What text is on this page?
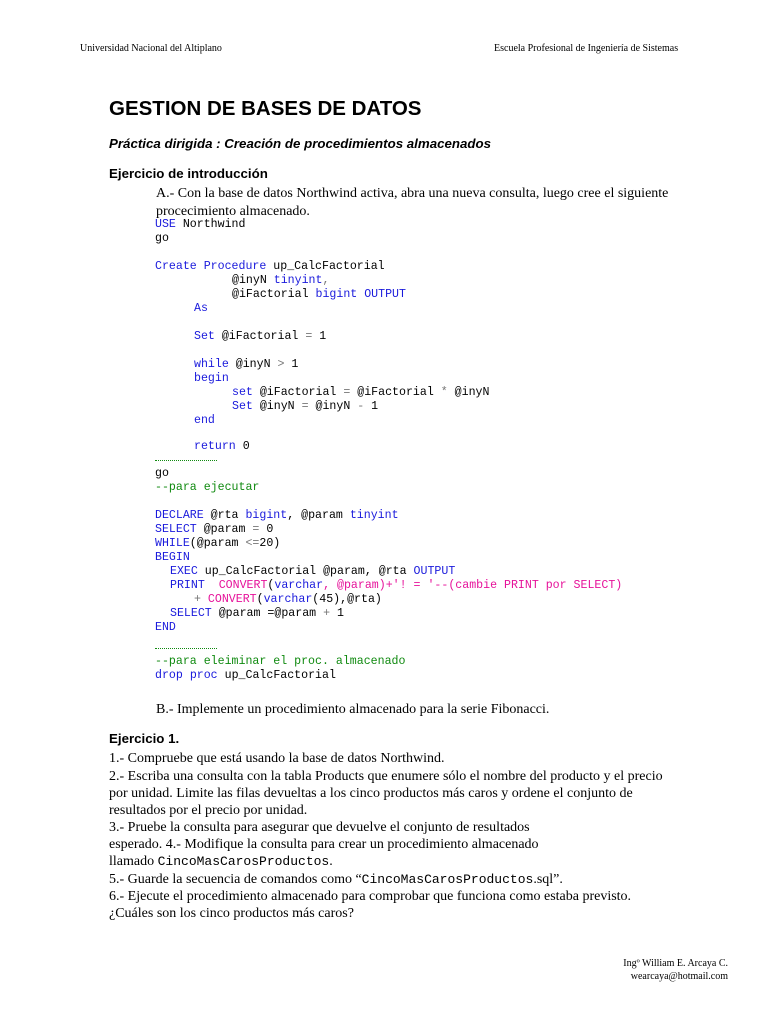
Universidad Nacional del Altiplano	Escuela Profesional de Ingeniería de Sistemas
GESTION DE BASES DE DATOS
Práctica dirigida : Creación de procedimientos almacenados
Ejercicio de introducción
A.- Con la base de datos Northwind activa, abra una nueva consulta, luego cree el siguiente
procecimiento almacenado.
USE Northwind
go
Create Procedure up_CalcFactorial
@inyN tinyint,
@iFactorial bigint OUTPUT
As
Set @iFactorial = 1
while @inyN > 1
begin
set @iFactorial = @iFactorial * @inyN
Set @inyN = @inyN - 1
end
return 0
go
--para ejecutar
DECLARE @rta bigint, @param tinyint
SELECT @param = 0
WHILE(@param <=20)
BEGIN
EXEC up_CalcFactorial @param, @rta OUTPUT
PRINT CONVERT(varchar, @param)+'! = '--(cambie PRINT por SELECT)
+ CONVERT(varchar(45),@rta)
SELECT @param =@param + 1
END
--para eleiminar el proc. almacenado
drop proc up_CalcFactorial
B.- Implemente un procedimiento almacenado para la serie Fibonacci.
Ejercicio 1.
1.- Compruebe que está usando la base de datos Northwind.
2.- Escriba una consulta con la tabla Products que enumere sólo el nombre del producto y el precio
por unidad. Limite las filas devueltas a los cinco productos más caros y ordene el conjunto de
resultados por el precio por unidad.
3.- Pruebe la consulta para asegurar que devuelve el conjunto de resultados
esperado. 4.- Modifique la consulta para crear un procedimiento almacenado
llamado CincoMasCarosProductos.
5.- Guarde la secuencia de comandos como “CincoMasCarosProductos.sql”.
6.- Ejecute el procedimiento almacenado para comprobar que funciona como estaba previsto.
¿Cuáles son los cinco productos más caros?
Ingº William E. Arcaya C.
wearcaya@hotmail.com
